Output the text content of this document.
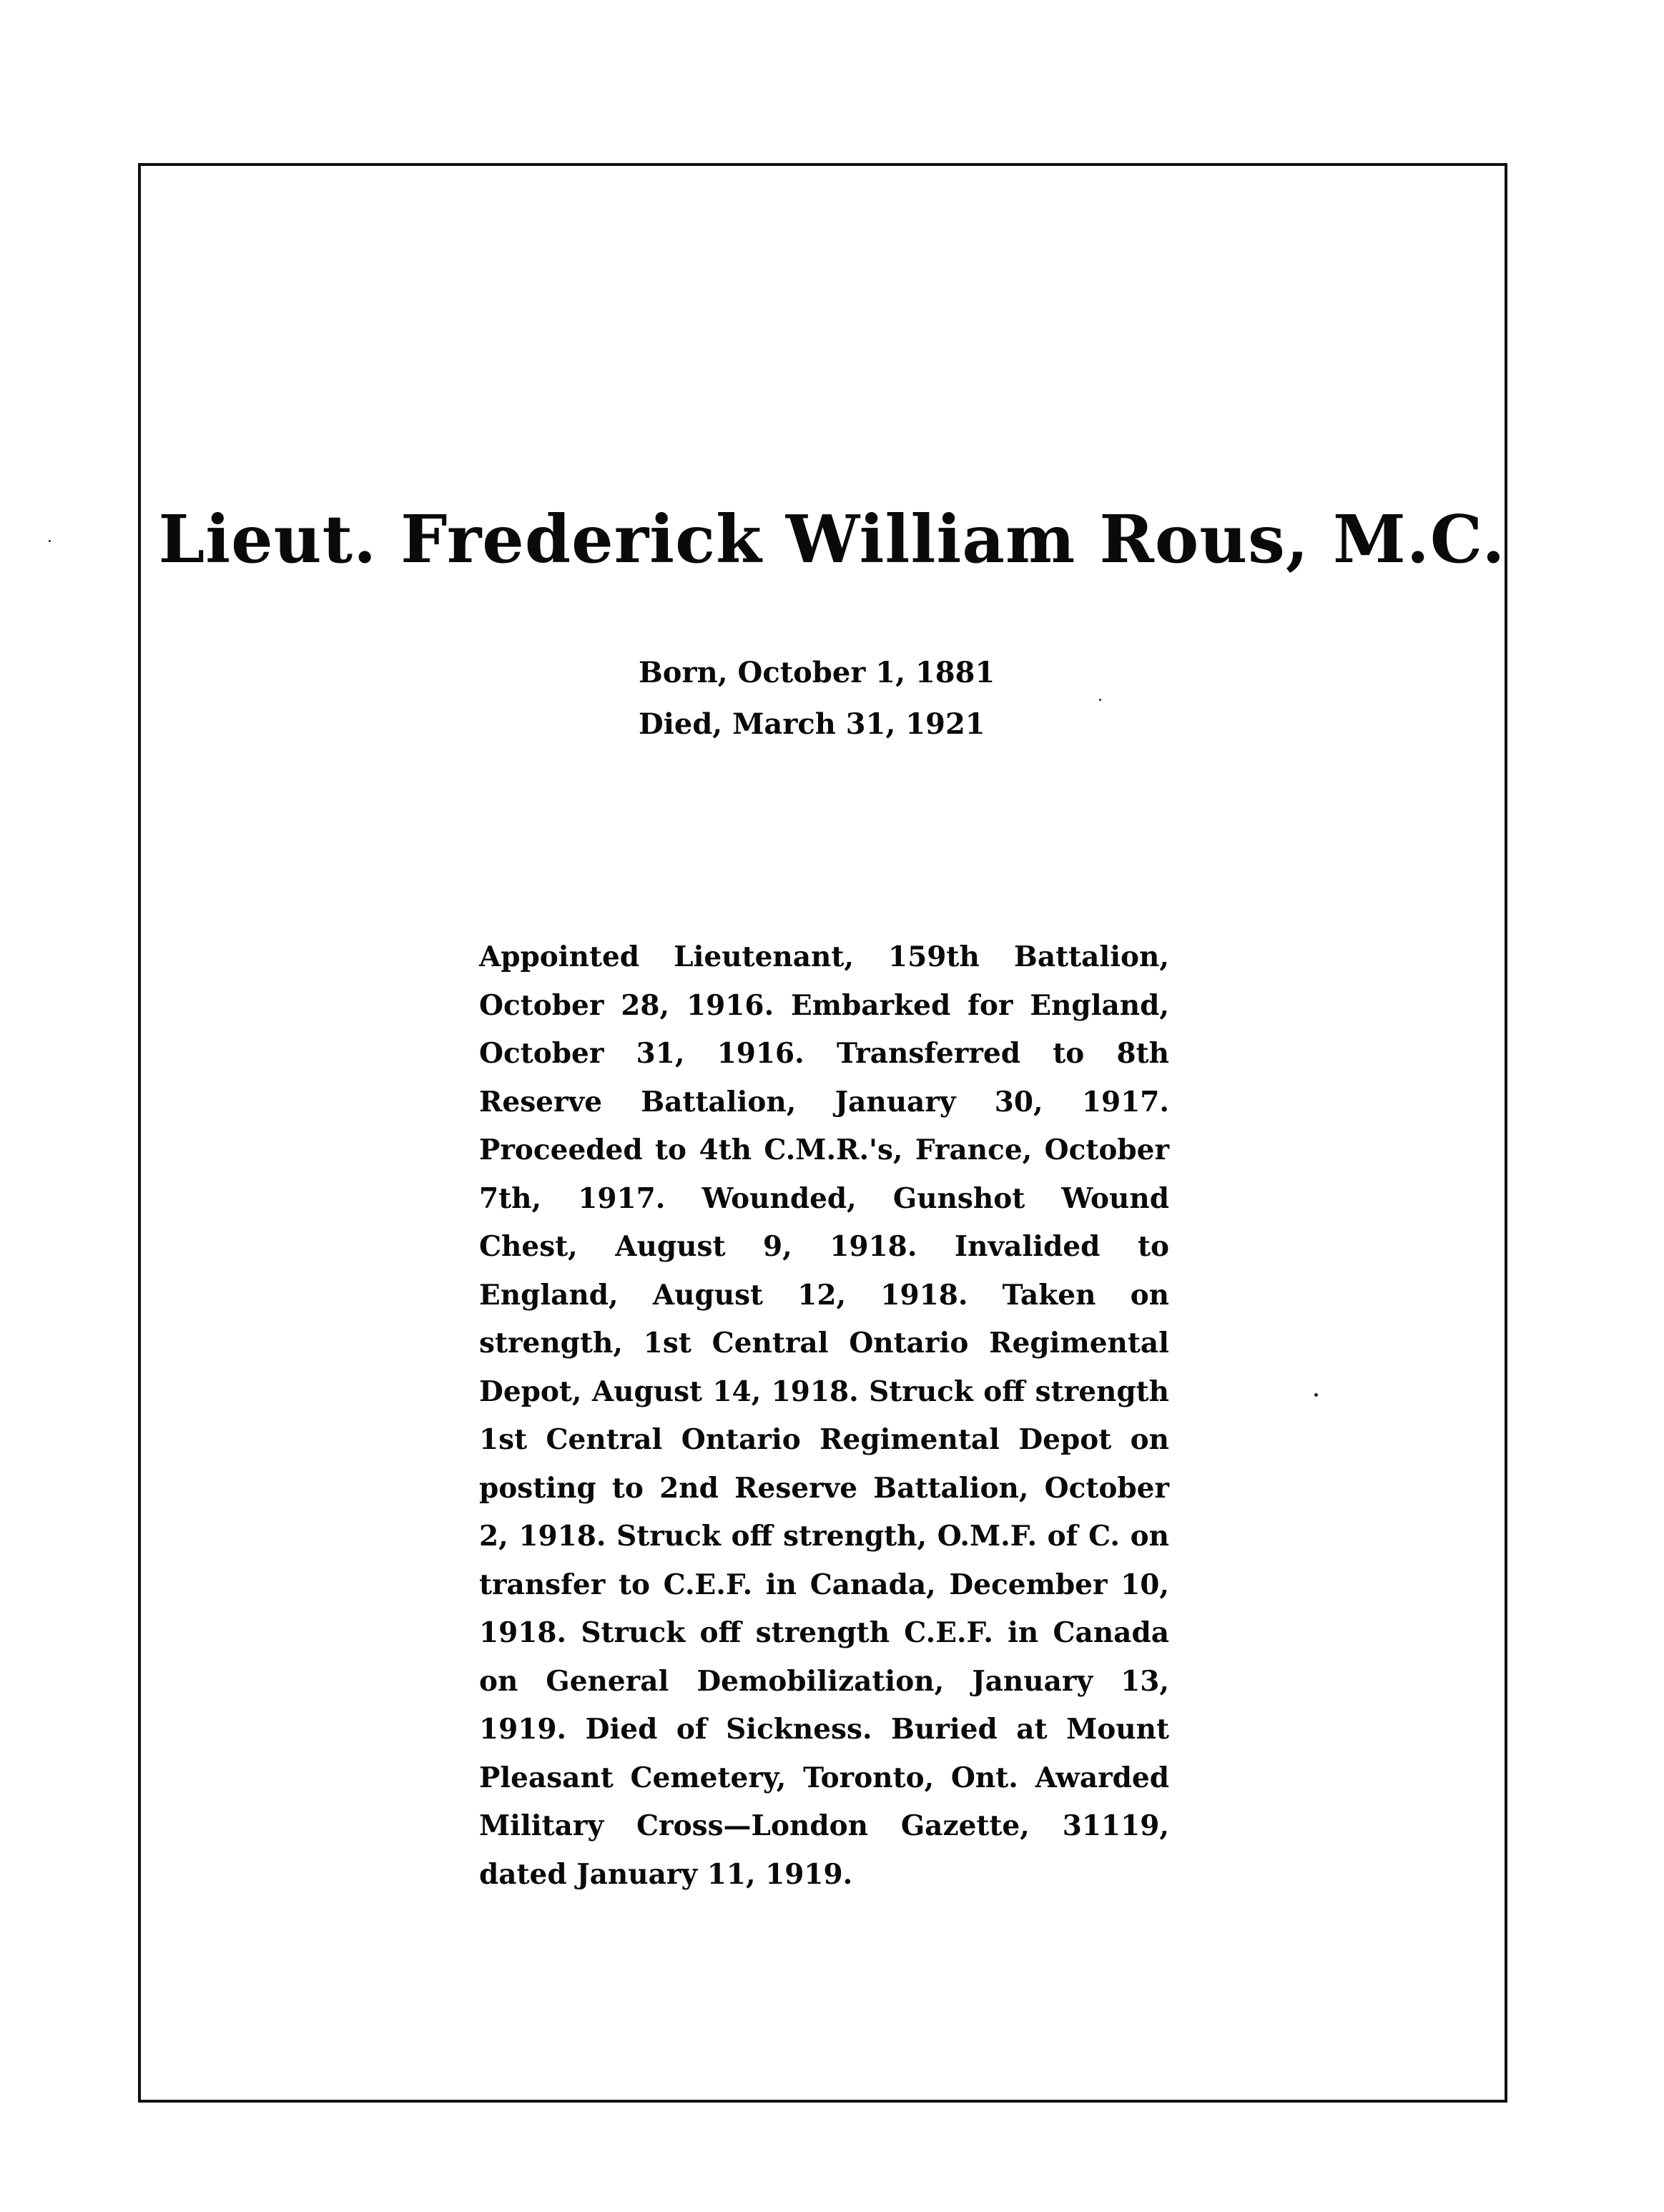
Lieut. Frederick William Rous, M.C.
Born, October 1, 1881
Died, March 31, 1921

Appointed Lieutenant, 159th Battalion, October 28, 1916. Embarked for England, October 31, 1916. Transferred to 8th Reserve Battalion, January 30, 1917. Proceeded to 4th C.M.R.'s, France, October 7th, 1917. Wounded, Gunshot Wound Chest, August 9, 1918. Invalided to England, August 12, 1918. Taken on strength, 1st Central Ontario Regimental Depot, August 14, 1918. Struck off strength 1st Central Ontario Regimental Depot on posting to 2nd Reserve Battalion, October 2, 1918. Struck off strength, O.M.F. of C. on transfer to C.E.F. in Canada, December 10, 1918. Struck off strength C.E.F. in Canada on General Demobilization, January 13, 1919. Died of Sickness. Buried at Mount Pleasant Cemetery, Toronto, Ont. Awarded Military Cross—London Gazette, 31119, dated January 11, 1919.
